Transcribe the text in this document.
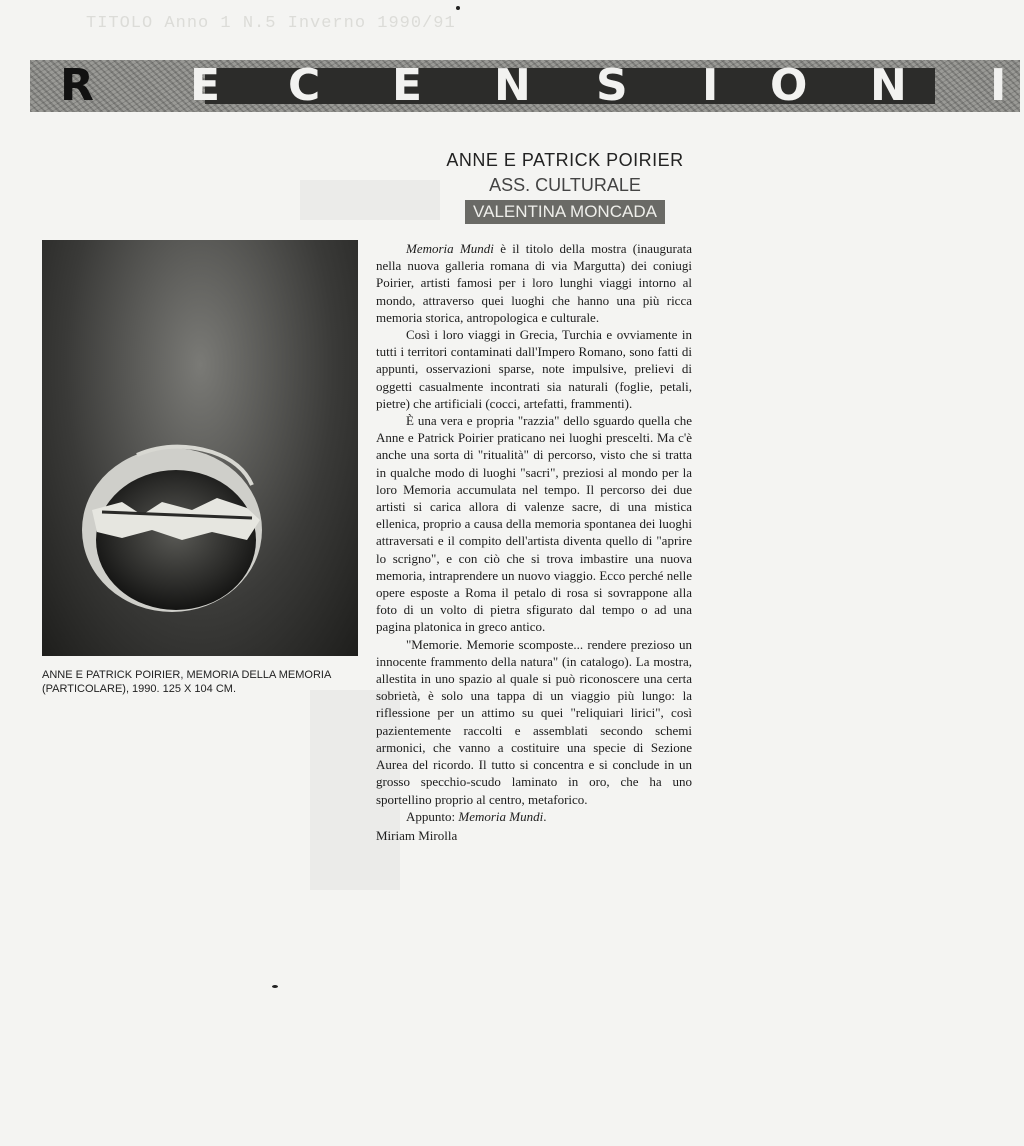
TITOLO Anno 1 N.5 Inverno 1990/91
R E C E N S I O N I
ANNE E PATRICK POIRIER
ASS. CULTURALE
VALENTINA MONCADA
ANNE E PATRICK POIRIER, MEMORIA DELLA MEMORIA (PARTICOLARE), 1990. 125 X 104 CM.

Memoria Mundi è il titolo della mostra (inaugurata nella nuova galleria romana di via Margutta) dei coniugi Poirier, artisti famosi per i loro lunghi viaggi intorno al mondo, attraverso quei luoghi che hanno una più ricca memoria storica, antropologica e culturale.

Così i loro viaggi in Grecia, Turchia e ovviamente in tutti i territori contaminati dall'Impero Romano, sono fatti di appunti, osservazioni sparse, note impulsive, prelievi di oggetti casualmente incontrati sia naturali (foglie, petali, pietre) che artificiali (cocci, artefatti, frammenti).

È una vera e propria "razzia" dello sguardo quella che Anne e Patrick Poirier praticano nei luoghi prescelti. Ma c'è anche una sorta di "ritualità" di percorso, visto che si tratta in qualche modo di luoghi "sacri", preziosi al mondo per la loro Memoria accumulata nel tempo. Il percorso dei due artisti si carica allora di valenze sacre, di una mistica ellenica, proprio a causa della memoria spontanea dei luoghi attraversati e il compito dell'artista diventa quello di "aprire lo scrigno", e con ciò che si trova imbastire una nuova memoria, intraprendere un nuovo viaggio. Ecco perché nelle opere esposte a Roma il petalo di rosa si sovrappone alla foto di un volto di pietra sfigurato dal tempo o ad una pagina platonica in greco antico.

"Memorie. Memorie scomposte... rendere prezioso un innocente frammento della natura" (in catalogo). La mostra, allestita in uno spazio al quale si può riconoscere una certa sobrietà, è solo una tappa di un viaggio più lungo: la riflessione per un attimo su quei "reliquiari lirici", così pazientemente raccolti e assemblati secondo schemi armonici, che vanno a costituire una specie di Sezione Aurea del ricordo. Il tutto si concentra e si conclude in un grosso specchio-scudo laminato in oro, che ha uno sportellino proprio al centro, metaforico.

Appunto: Memoria Mundi.

Miriam Mirolla
